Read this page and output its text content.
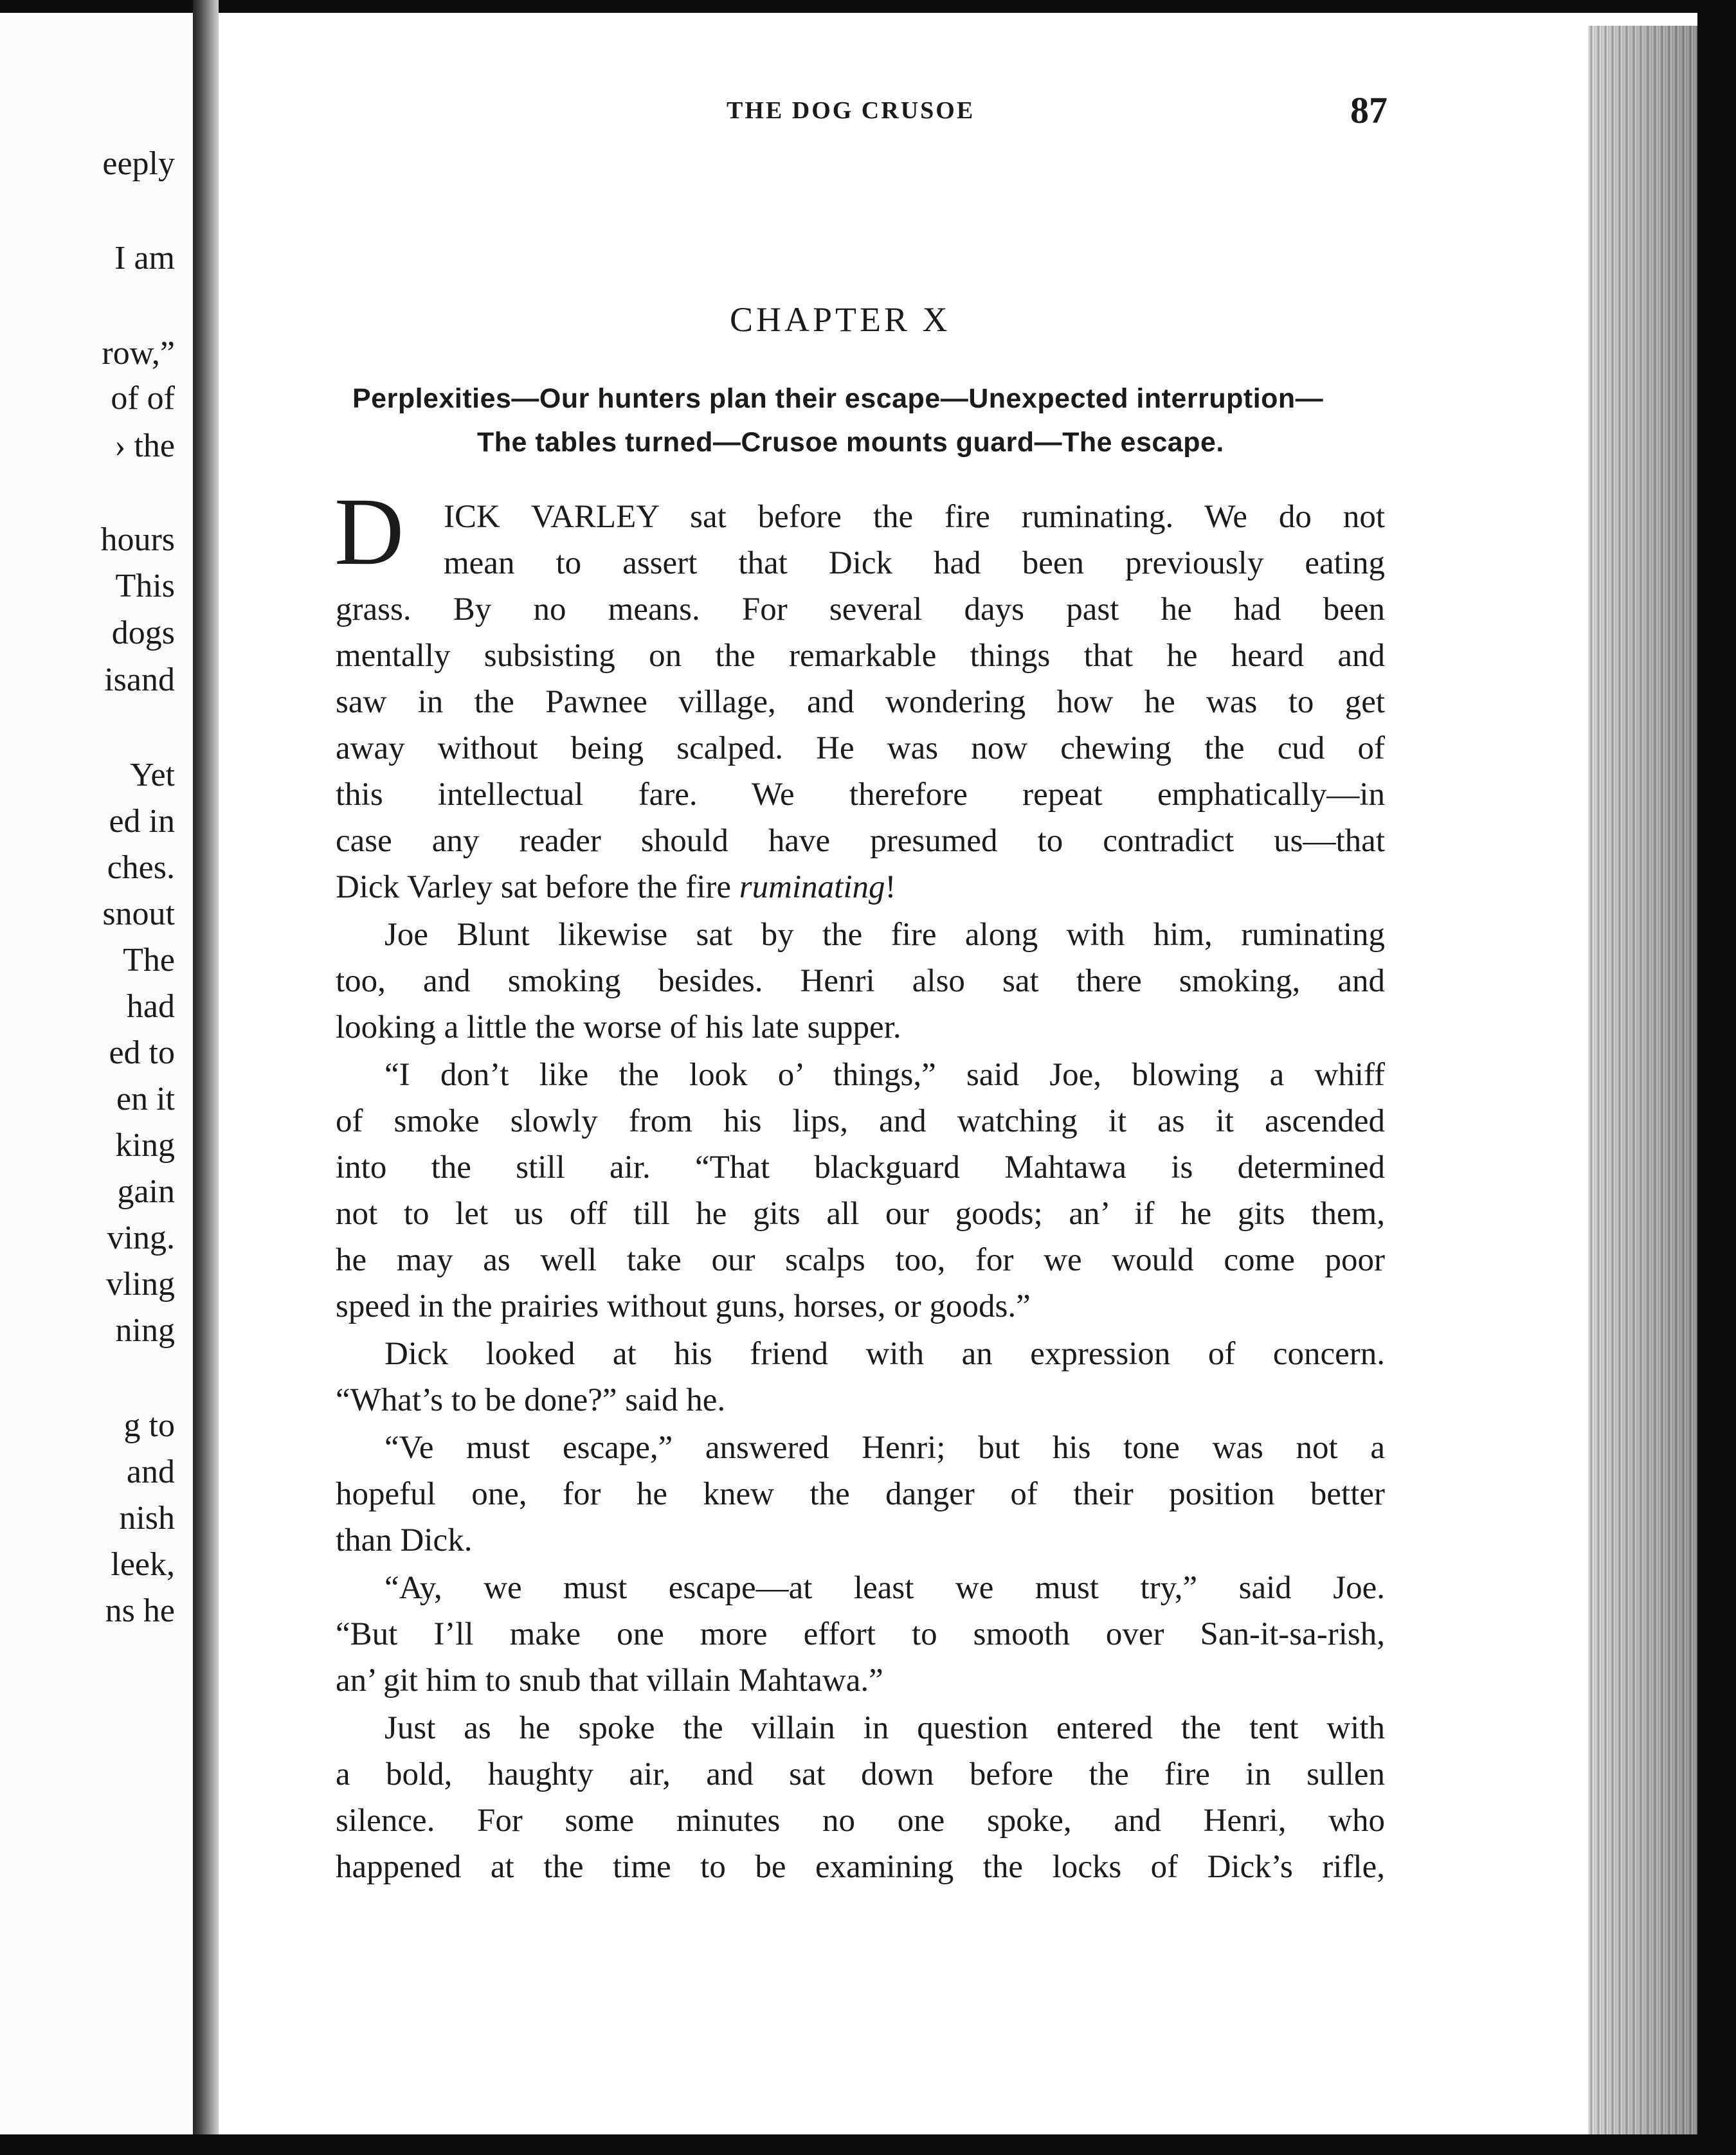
eeply
I am
row,”
of of
› the
hours
This
dogs
isand
Yet
ed in
ches.
snout
The
had
ed to
en it
king
gain
ving.
vling
ning
g to
and
nish
leek,
ns he
THE DOG CRUSOE	87
CHAPTER X
Perplexities—Our hunters plan their escape—Unexpected interruption—
The tables turned—Crusoe mounts guard—The escape.
D ICK VARLEY sat before the fire ruminating. We do not
mean to assert that Dick had been previously eating
grass. By no means. For several days past he had been
mentally subsisting on the remarkable things that he heard and
saw in the Pawnee village, and wondering how he was to get
away without being scalped. He was now chewing the cud of
this intellectual fare. We therefore repeat emphatically—in
case any reader should have presumed to contradict us—that
Dick Varley sat before the fire ruminating!
Joe Blunt likewise sat by the fire along with him, ruminating
too, and smoking besides. Henri also sat there smoking, and
looking a little the worse of his late supper.
“I don’t like the look o’ things,” said Joe, blowing a whiff
of smoke slowly from his lips, and watching it as it ascended
into the still air. “That blackguard Mahtawa is determined
not to let us off till he gits all our goods; an’ if he gits them,
he may as well take our scalps too, for we would come poor
speed in the prairies without guns, horses, or goods.”
Dick looked at his friend with an expression of concern.
“What’s to be done?” said he.
“Ve must escape,” answered Henri; but his tone was not a
hopeful one, for he knew the danger of their position better
than Dick.
“Ay, we must escape—at least we must try,” said Joe.
“But I’ll make one more effort to smooth over San-it-sa-rish,
an’ git him to snub that villain Mahtawa.”
Just as he spoke the villain in question entered the tent with
a bold, haughty air, and sat down before the fire in sullen
silence. For some minutes no one spoke, and Henri, who
happened at the time to be examining the locks of Dick’s rifle,
